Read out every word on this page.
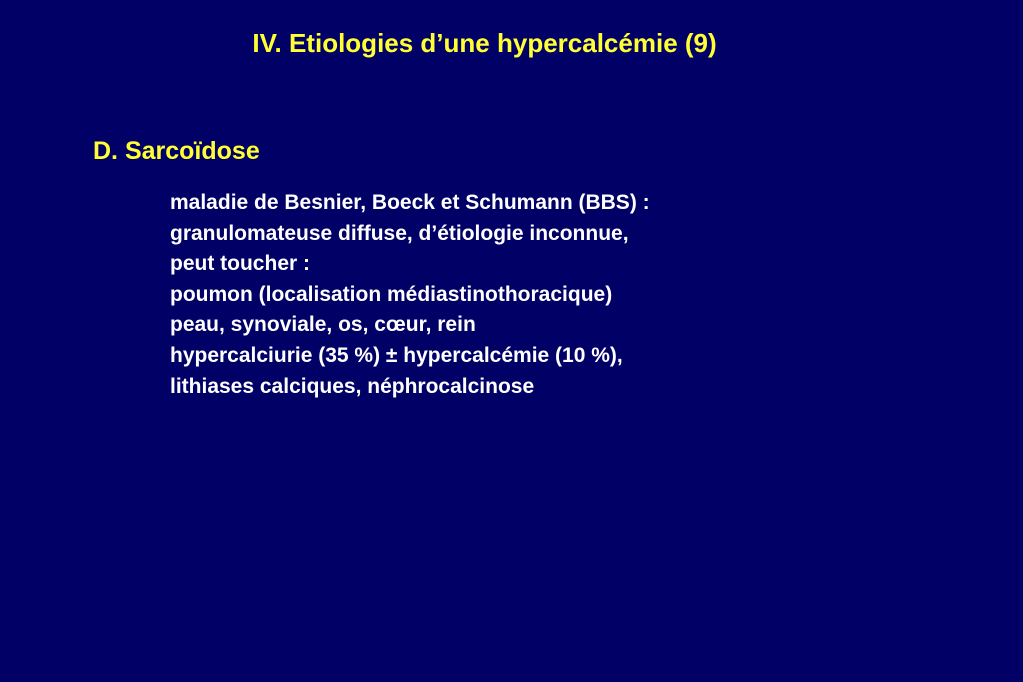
IV. Etiologies d’une hypercalcémie (9)
D. Sarcoïdose
maladie de Besnier, Boeck et Schumann (BBS) :
granulomateuse diffuse, d’étiologie inconnue,
peut toucher :
poumon (localisation médiastinothoracique)
peau, synoviale, os, cœur, rein
hypercalciurie (35 %) ± hypercalcémie (10 %),
lithiases calciques, néphrocalcinose
